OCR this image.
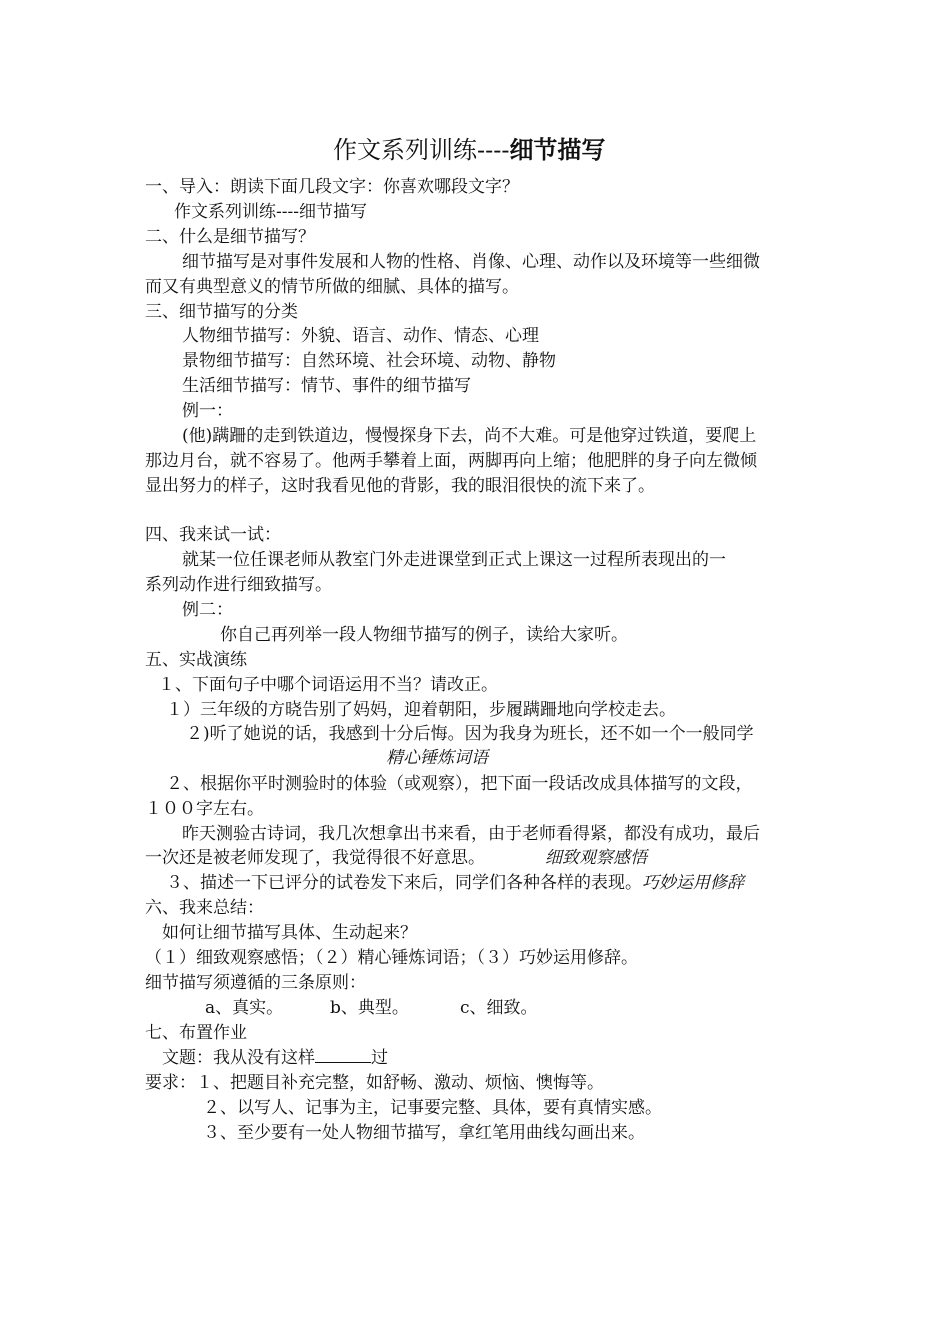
作文系列训练----细节描写
一、导入：朗读下面几段文字：你喜欢哪段文字？
作文系列训练----细节描写
二、什么是细节描写？
细节描写是对事件发展和人物的性格、肖像、心理、动作以及环境等一些细微
而又有典型意义的情节所做的细腻、具体的描写。
三、细节描写的分类
人物细节描写：外貌、语言、动作、情态、心理
景物细节描写：自然环境、社会环境、动物、静物
生活细节描写：情节、事件的细节描写
例一：
(他)蹒跚的走到铁道边，慢慢探身下去，尚不大难。可是他穿过铁道，要爬上
那边月台，就不容易了。他两手攀着上面，两脚再向上缩；他肥胖的身子向左微倾
显出努力的样子，这时我看见他的背影，我的眼泪很快的流下来了。
四、我来试一试：
就某一位任课老师从教室门外走进课堂到正式上课这一过程所表现出的一
系列动作进行细致描写。
例二：
你自己再列举一段人物细节描写的例子，读给大家听。
五、实战演练
１、下面句子中哪个词语运用不当？请改正。
１）三年级的方晓告别了妈妈，迎着朝阳，步履蹒跚地向学校走去。
２)听了她说的话，我感到十分后悔。因为我身为班长，还不如一个一般同学
精心锤炼词语
２、根据你平时测验时的体验（或观察），把下面一段话改成具体描写的文段，
１００字左右。
昨天测验古诗词，我几次想拿出书来看，由于老师看得紧，都没有成功，最后
一次还是被老师发现了，我觉得很不好意思。	细致观察感悟
３、描述一下已评分的试卷发下来后，同学们各种各样的表现。巧妙运用修辞
六、我来总结：
如何让细节描写具体、生动起来？
（１）细致观察感悟；（２）精心锤炼词语；（３）巧妙运用修辞。
细节描写须遵循的三条原则：
a、真实。	b、典型。	c、细致。
七、布置作业
文题：我从没有这样	过
要求：１、把题目补充完整，如舒畅、激动、烦恼、懊悔等。
２、以写人、记事为主，记事要完整、具体，要有真情实感。
３、至少要有一处人物细节描写，拿红笔用曲线勾画出来。
